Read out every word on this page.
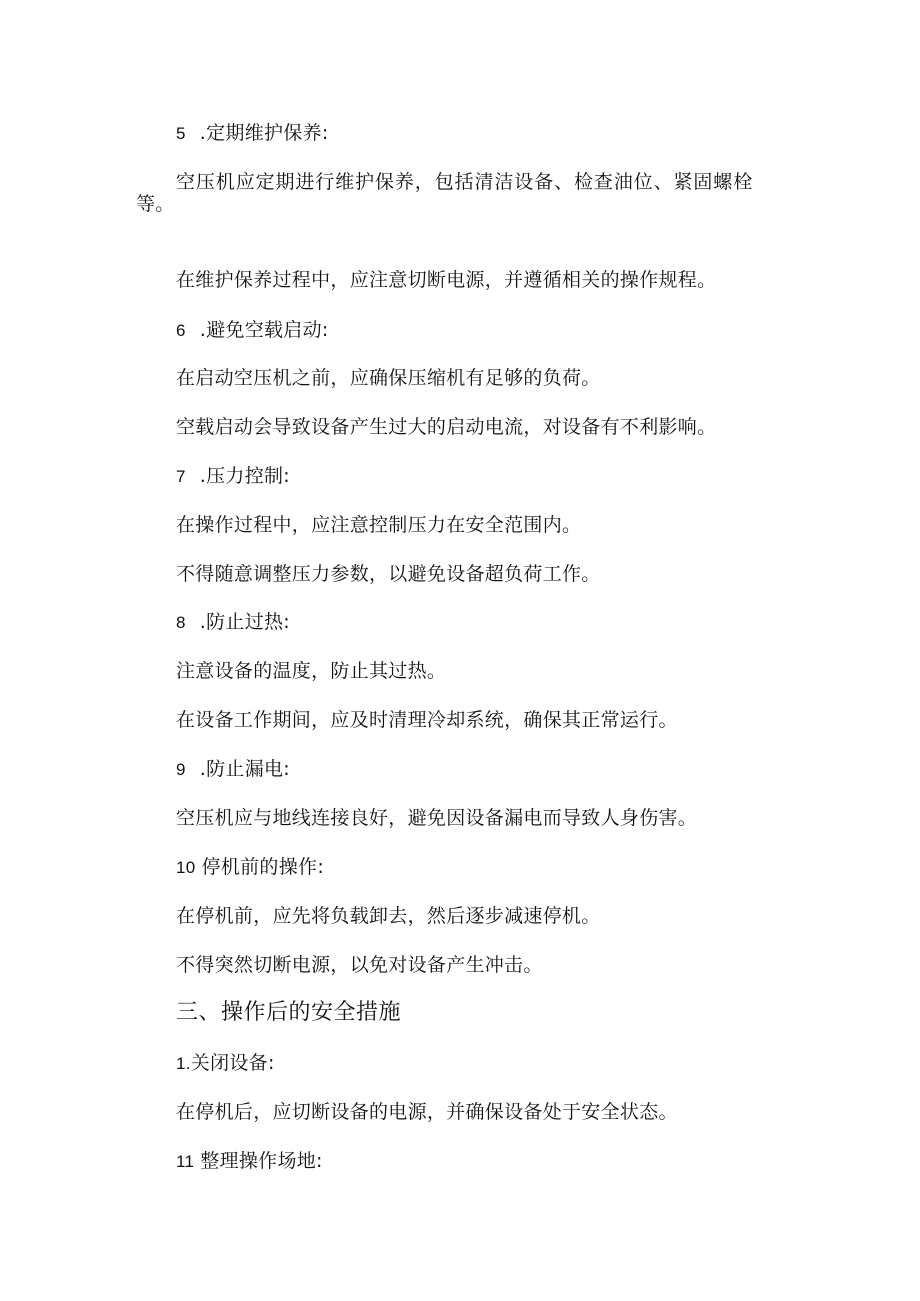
5 .定期维护保养:
空压机应定期进行维护保养，包括清洁设备、检查油位、紧固螺栓
等。
在维护保养过程中，应注意切断电源，并遵循相关的操作规程。
6 .避免空载启动:
在启动空压机之前，应确保压缩机有足够的负荷。
空载启动会导致设备产生过大的启动电流，对设备有不利影响。
7 .压力控制:
在操作过程中，应注意控制压力在安全范围内。
不得随意调整压力参数，以避免设备超负荷工作。
8 .防止过热:
注意设备的温度，防止其过热。
在设备工作期间，应及时清理冷却系统，确保其正常运行。
9 .防止漏电:
空压机应与地线连接良好，避免因设备漏电而导致人身伤害。
10 停机前的操作:
在停机前，应先将负载卸去，然后逐步减速停机。
不得突然切断电源，以免对设备产生冲击。
三、操作后的安全措施
1.关闭设备:
在停机后，应切断设备的电源，并确保设备处于安全状态。
11 整理操作场地:
